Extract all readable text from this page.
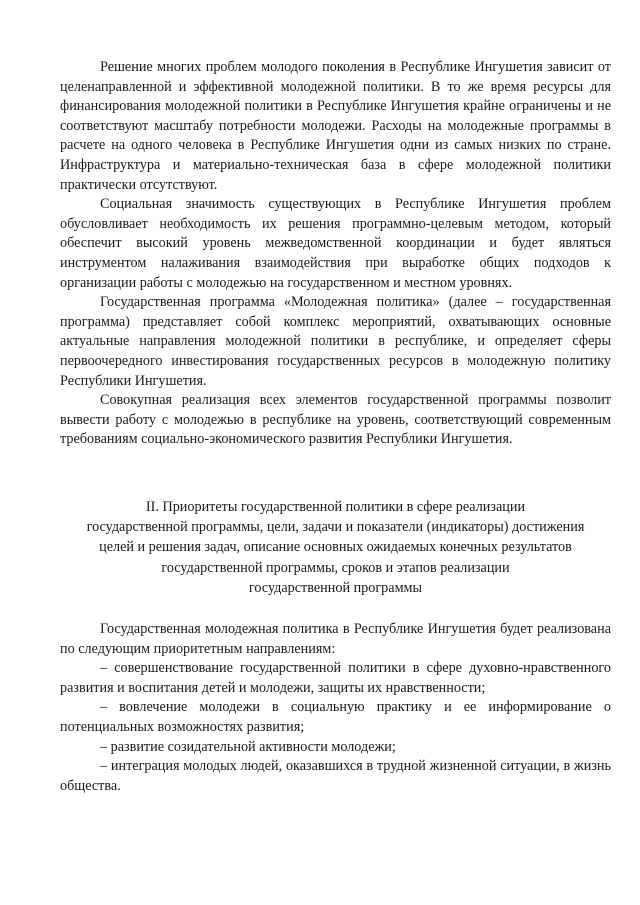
Решение многих проблем молодого поколения в Республике Ингушетия зависит от целенаправленной и эффективной молодежной политики. В то же время ресурсы для финансирования молодежной политики в Республике Ингушетия крайне ограничены и не соответствуют масштабу потребности молодежи. Расходы на молодежные программы в расчете на одного человека в Республике Ингушетия одни из самых низких по стране. Инфраструктура и материально-техническая база в сфере молодежной политики практически отсутствуют.

Социальная значимость существующих в Республике Ингушетия проблем обусловливает необходимость их решения программно-целевым методом, который обеспечит высокий уровень межведомственной координации и будет являться инструментом налаживания взаимодействия при выработке общих подходов к организации работы с молодежью на государственном и местном уровнях.

Государственная программа «Молодежная политика» (далее – государственная программа) представляет собой комплекс мероприятий, охватывающих основные актуальные направления молодежной политики в республике, и определяет сферы первоочередного инвестирования государственных ресурсов в молодежную политику Республики Ингушетия.

Совокупная реализация всех элементов государственной программы позволит вывести работу с молодежью в республике на уровень, соответствующий современным требованиям социально-экономического развития Республики Ингушетия.

II. Приоритеты государственной политики в сфере реализации
государственной программы, цели, задачи и показатели (индикаторы) достижения
целей и решения задач, описание основных ожидаемых конечных результатов
государственной программы, сроков и этапов реализации
государственной программы

Государственная молодежная политика в Республике Ингушетия будет реализована по следующим приоритетным направлениям:

– совершенствование государственной политики в сфере духовно-нравственного развития и воспитания детей и молодежи, защиты их нравственности;

– вовлечение молодежи в социальную практику и ее информирование о потенциальных возможностях развития;

– развитие созидательной активности молодежи;

– интеграция молодых людей, оказавшихся в трудной жизненной ситуации, в жизнь общества.
